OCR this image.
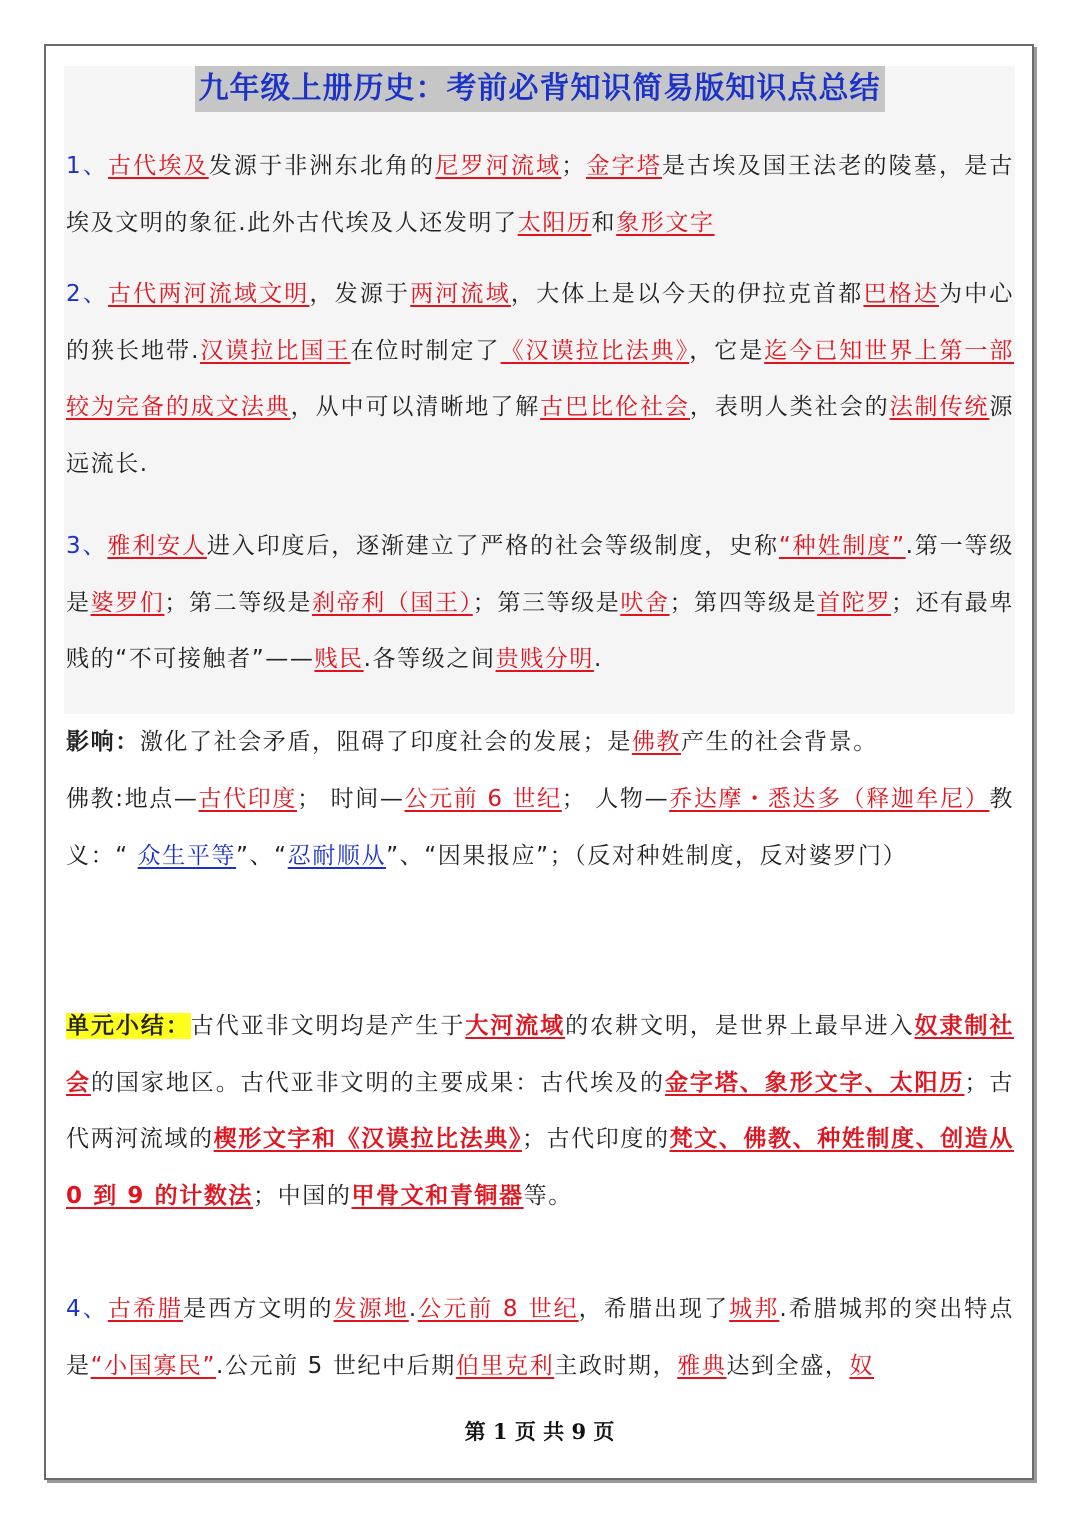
九年级上册历史：考前必背知识简易版知识点总结

1、古代埃及发源于非洲东北角的尼罗河流域；金字塔是古埃及国王法老的陵墓，是古埃及文明的象征.此外古代埃及人还发明了太阳历和象形文字

2、古代两河流域文明，发源于两河流域，大体上是以今天的伊拉克首都巴格达为中心的狭长地带.汉谟拉比国王在位时制定了《汉谟拉比法典》，它是迄今已知世界上第一部较为完备的成文法典，从中可以清晰地了解古巴比伦社会，表明人类社会的法制传统源远流长.

3、雅利安人进入印度后，逐渐建立了严格的社会等级制度，史称“种姓制度”.第一等级是婆罗们；第二等级是刹帝利（国王）；第三等级是吠舍；第四等级是首陀罗；还有最卑贱的“不可接触者”——贱民.各等级之间贵贱分明.

影响：激化了社会矛盾，阻碍了印度社会的发展；是佛教产生的社会背景。

佛教:地点—古代印度； 时间—公元前 6 世纪； 人物—乔达摩・悉达多（释迦牟尼）教义：“ 众生平等”、“忍耐顺从”、“因果报应”；（反对种姓制度，反对婆罗门）

单元小结：古代亚非文明均是产生于大河流域的农耕文明，是世界上最早进入奴隶制社会的国家地区。古代亚非文明的主要成果：古代埃及的金字塔、象形文字、太阳历；古代两河流域的楔形文字和《汉谟拉比法典》；古代印度的梵文、佛教、种姓制度、创造从 0 到 9 的计数法；中国的甲骨文和青铜器等。

4、古希腊是西方文明的发源地.公元前 8 世纪，希腊出现了城邦.希腊城邦的突出特点是“小国寡民”.公元前 5 世纪中后期伯里克利主政时期，雅典达到全盛，奴

第 1 页 共 9 页
